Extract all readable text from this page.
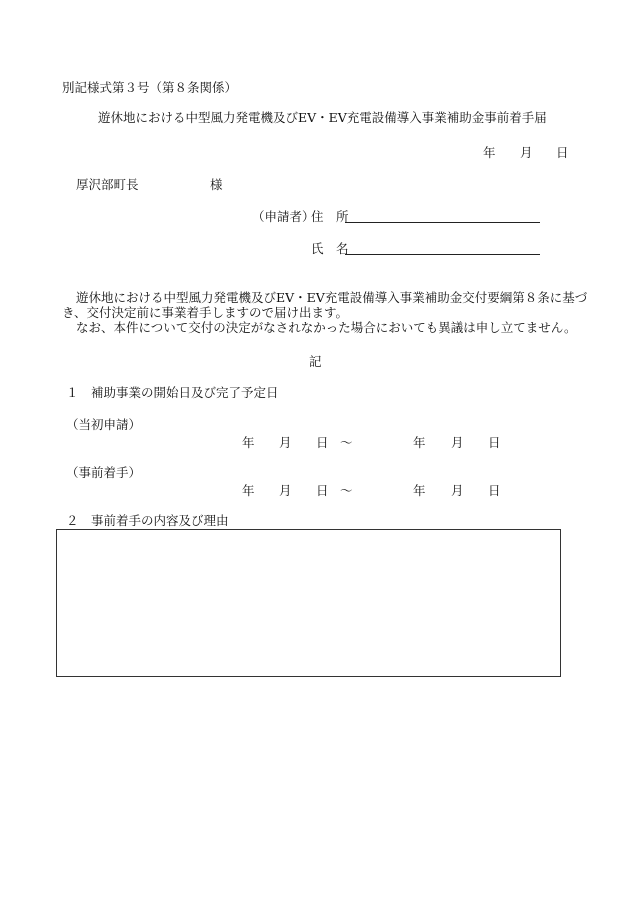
別記様式第３号（第８条関係）
遊休地における中型風力発電機及びEV・EV充電設備導入事業補助金事前着手届
年 月 日
厚沢部町長	様
（申請者）
住　所
氏　名
遊休地における中型風力発電機及びEV・EV充電設備導入事業補助金交付要綱第８条に基づ
き、交付決定前に事業着手しますので届け出ます。
なお、本件について交付の決定がなされなかった場合においても異議は申し立てません。
記
１　補助事業の開始日及び完了予定日
（当初申請）
年 月 日 ～	年 月 日
（事前着手）
年 月 日 ～	年 月 日
２　事前着手の内容及び理由
